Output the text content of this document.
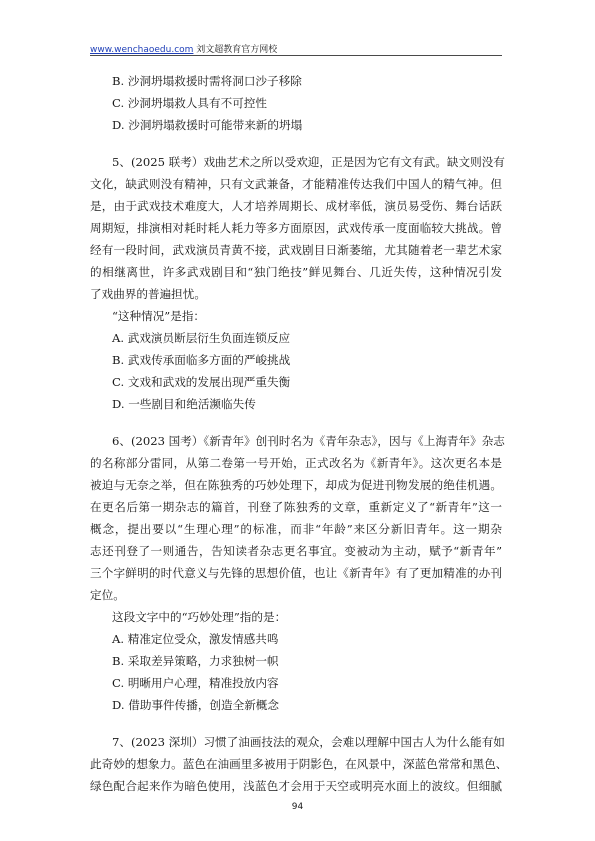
www.wenchaoedu.com 刘文超教育官方网校
B. 沙洞坍塌救援时需将洞口沙子移除
C. 沙洞坍塌救人具有不可控性
D. 沙洞坍塌救援时可能带来新的坍塌
5、(2025 联考）戏曲艺术之所以受欢迎，正是因为它有文有武。缺文则没有
文化，缺武则没有精神，只有文武兼备，才能精准传达我们中国人的精气神。但
是，由于武戏技术难度大，人才培养周期长、成材率低，演员易受伤、舞台话跃
周期短，排演相对耗时耗人耗力等多方面原因，武戏传承一度面临较大挑战。曾
经有一段时间，武戏演员青黄不接，武戏剧目日渐萎缩，尤其随着老一辈艺术家
的相继离世，许多武戏剧目和“独门绝技”鲜见舞台、几近失传，这种情况引发
了戏曲界的普遍担忧。
“这种情况”是指：
A. 武戏演员断层衍生负面连锁反应
B. 武戏传承面临多方面的严峻挑战
C. 文戏和武戏的发展出现严重失衡
D. 一些剧目和绝活濒临失传
6、(2023 国考）《新青年》创刊时名为《青年杂志》，因与《上海青年》杂志
的名称部分雷同，从第二卷第一号开始，正式改名为《新青年》。这次更名本是
被迫与无奈之举，但在陈独秀的巧妙处理下，却成为促进刊物发展的绝佳机遇。
在更名后第一期杂志的篇首，刊登了陈独秀的文章，重新定义了“新青年”这一
概念，提出要以“生理心理”的标准，而非“年龄”来区分新旧青年。这一期杂
志还刊登了一则通告，告知读者杂志更名事宜。变被动为主动，赋予“新青年”
三个字鲜明的时代意义与先锋的思想价值，也让《新青年》有了更加精准的办刊
定位。
这段文字中的“巧妙处理”指的是：
A. 精准定位受众，激发情感共鸣
B. 采取差异策略，力求独树一帜
C. 明晰用户心理，精准投放内容
D. 借助事件传播，创造全新概念
7、(2023 深圳）习惯了油画技法的观众，会难以理解中国古人为什么能有如
此奇妙的想象力。蓝色在油画里多被用于阴影色，在风景中，深蓝色常常和黑色、
绿色配合起来作为暗色使用，浅蓝色才会用于天空或明亮水面上的波纹。但细腻
94
